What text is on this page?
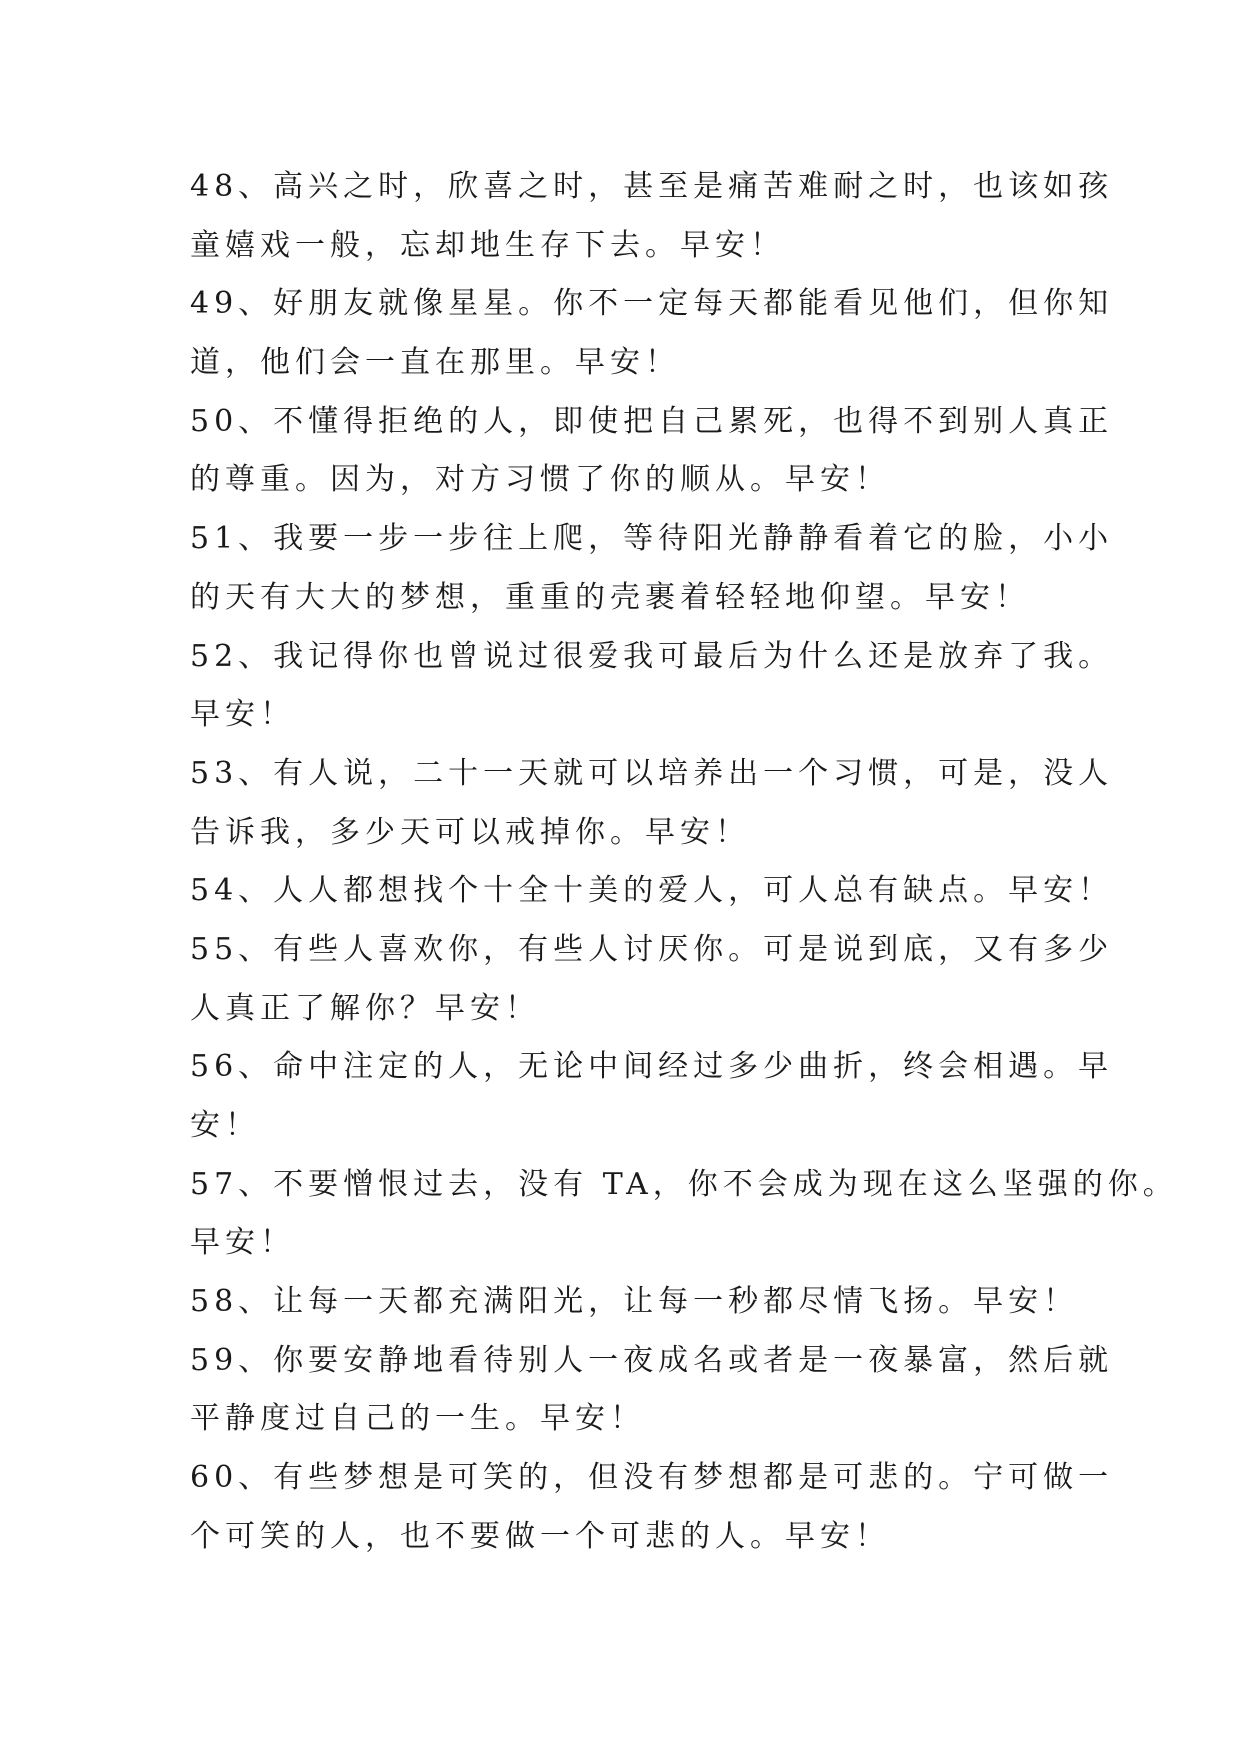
48、高兴之时，欣喜之时，甚至是痛苦难耐之时，也该如孩
童嬉戏一般，忘却地生存下去。早安！
49、好朋友就像星星。你不一定每天都能看见他们，但你知
道，他们会一直在那里。早安！
50、不懂得拒绝的人，即使把自己累死，也得不到别人真正
的尊重。因为，对方习惯了你的顺从。早安！
51、我要一步一步往上爬，等待阳光静静看着它的脸，小小
的天有大大的梦想，重重的壳裹着轻轻地仰望。早安！
52、我记得你也曾说过很爱我可最后为什么还是放弃了我。
早安！
53、有人说，二十一天就可以培养出一个习惯，可是，没人
告诉我，多少天可以戒掉你。早安！
54、人人都想找个十全十美的爱人，可人总有缺点。早安！
55、有些人喜欢你，有些人讨厌你。可是说到底，又有多少
人真正了解你？早安！
56、命中注定的人，无论中间经过多少曲折，终会相遇。早
安！
57、不要憎恨过去，没有 TA，你不会成为现在这么坚强的你。
早安！
58、让每一天都充满阳光，让每一秒都尽情飞扬。早安！
59、你要安静地看待别人一夜成名或者是一夜暴富，然后就
平静度过自己的一生。早安！
60、有些梦想是可笑的，但没有梦想都是可悲的。宁可做一
个可笑的人，也不要做一个可悲的人。早安！
